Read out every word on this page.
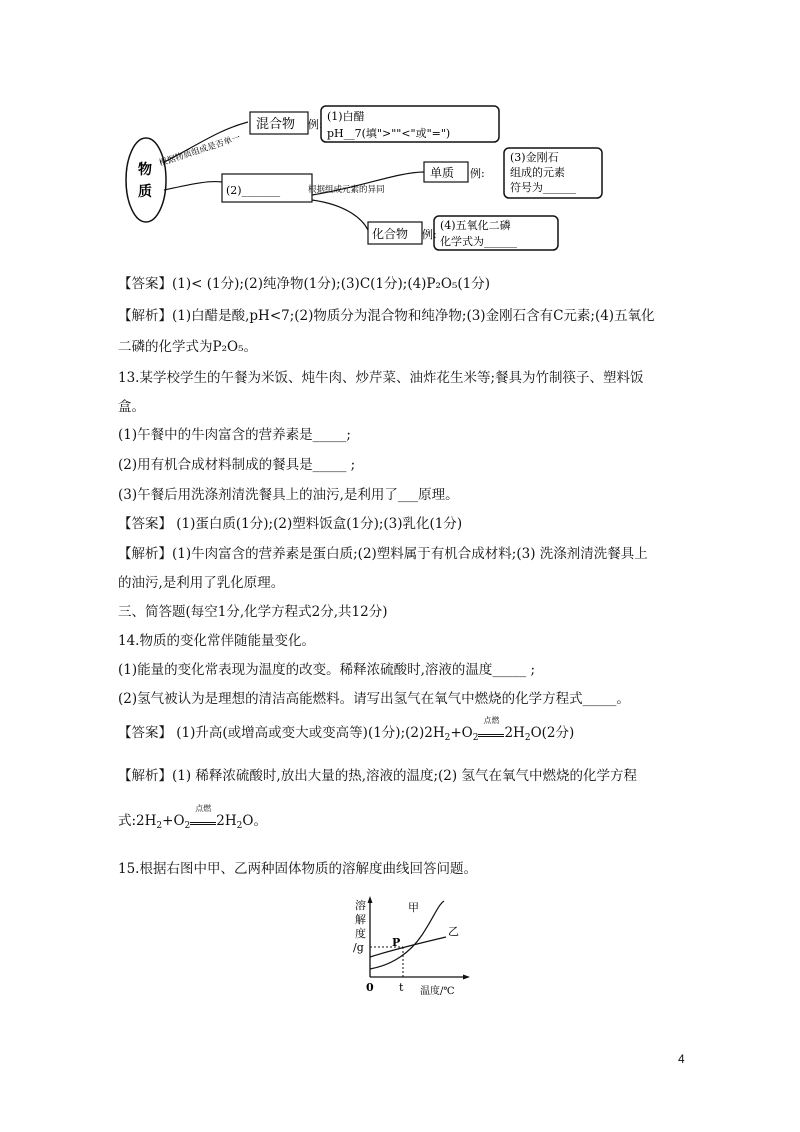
物
质
根据物质组成是否单一
根据组成元素的异同
混合物 例:
(1)白醋
pH__7(填">""<"或"=")
(2)_______
单质 例:
(3)金刚石
组成的元素
符号为______
化合物 例:
(4)五氧化二磷
化学式为______
【答案】(1)< (1分);(2)纯净物(1分);(3)C(1分);(4)P₂O₅(1分)
【解析】(1)白醋是酸,pH<7;(2)物质分为混合物和纯净物;(3)金刚石含有C元素;(4)五氧化
二磷的化学式为P₂O₅。
13.某学校学生的午餐为米饭、炖牛肉、炒芹菜、油炸花生米等;餐具为竹制筷子、塑料饭
盒。
(1)午餐中的牛肉富含的营养素是_____;
(2)用有机合成材料制成的餐具是_____ ;
(3)午餐后用洗涤剂清洗餐具上的油污,是利用了___原理。
【答案】 (1)蛋白质(1分);(2)塑料饭盒(1分);(3)乳化(1分)
【解析】(1)牛肉富含的营养素是蛋白质;(2)塑料属于有机合成材料;(3) 洗涤剂清洗餐具上
的油污,是利用了乳化原理。
三、简答题(每空1分,化学方程式2分,共12分)
14.物质的变化常伴随能量变化。
(1)能量的变化常表现为温度的改变。稀释浓硫酸时,溶液的温度_____ ;
(2)氢气被认为是理想的清洁高能燃料。请写出氢气在氧气中燃烧的化学方程式_____。
【答案】 (1)升高(或增高或变大或变高等)(1分)$;(2)2H_2+O_2$
点燃
$2H_2O(2$分)
【解析】(1) 稀释浓硫酸时,放出大量的热,溶液的温度;(2) 氢气在氧气中燃烧的化学方程
式$:2H_2+O_2$
点燃
$2H_2O$。
15.根据右图中甲、乙两种固体物质的溶解度曲线回答问题。
溶
解
度
/g
甲
乙
P
0 t 温度/℃
4
